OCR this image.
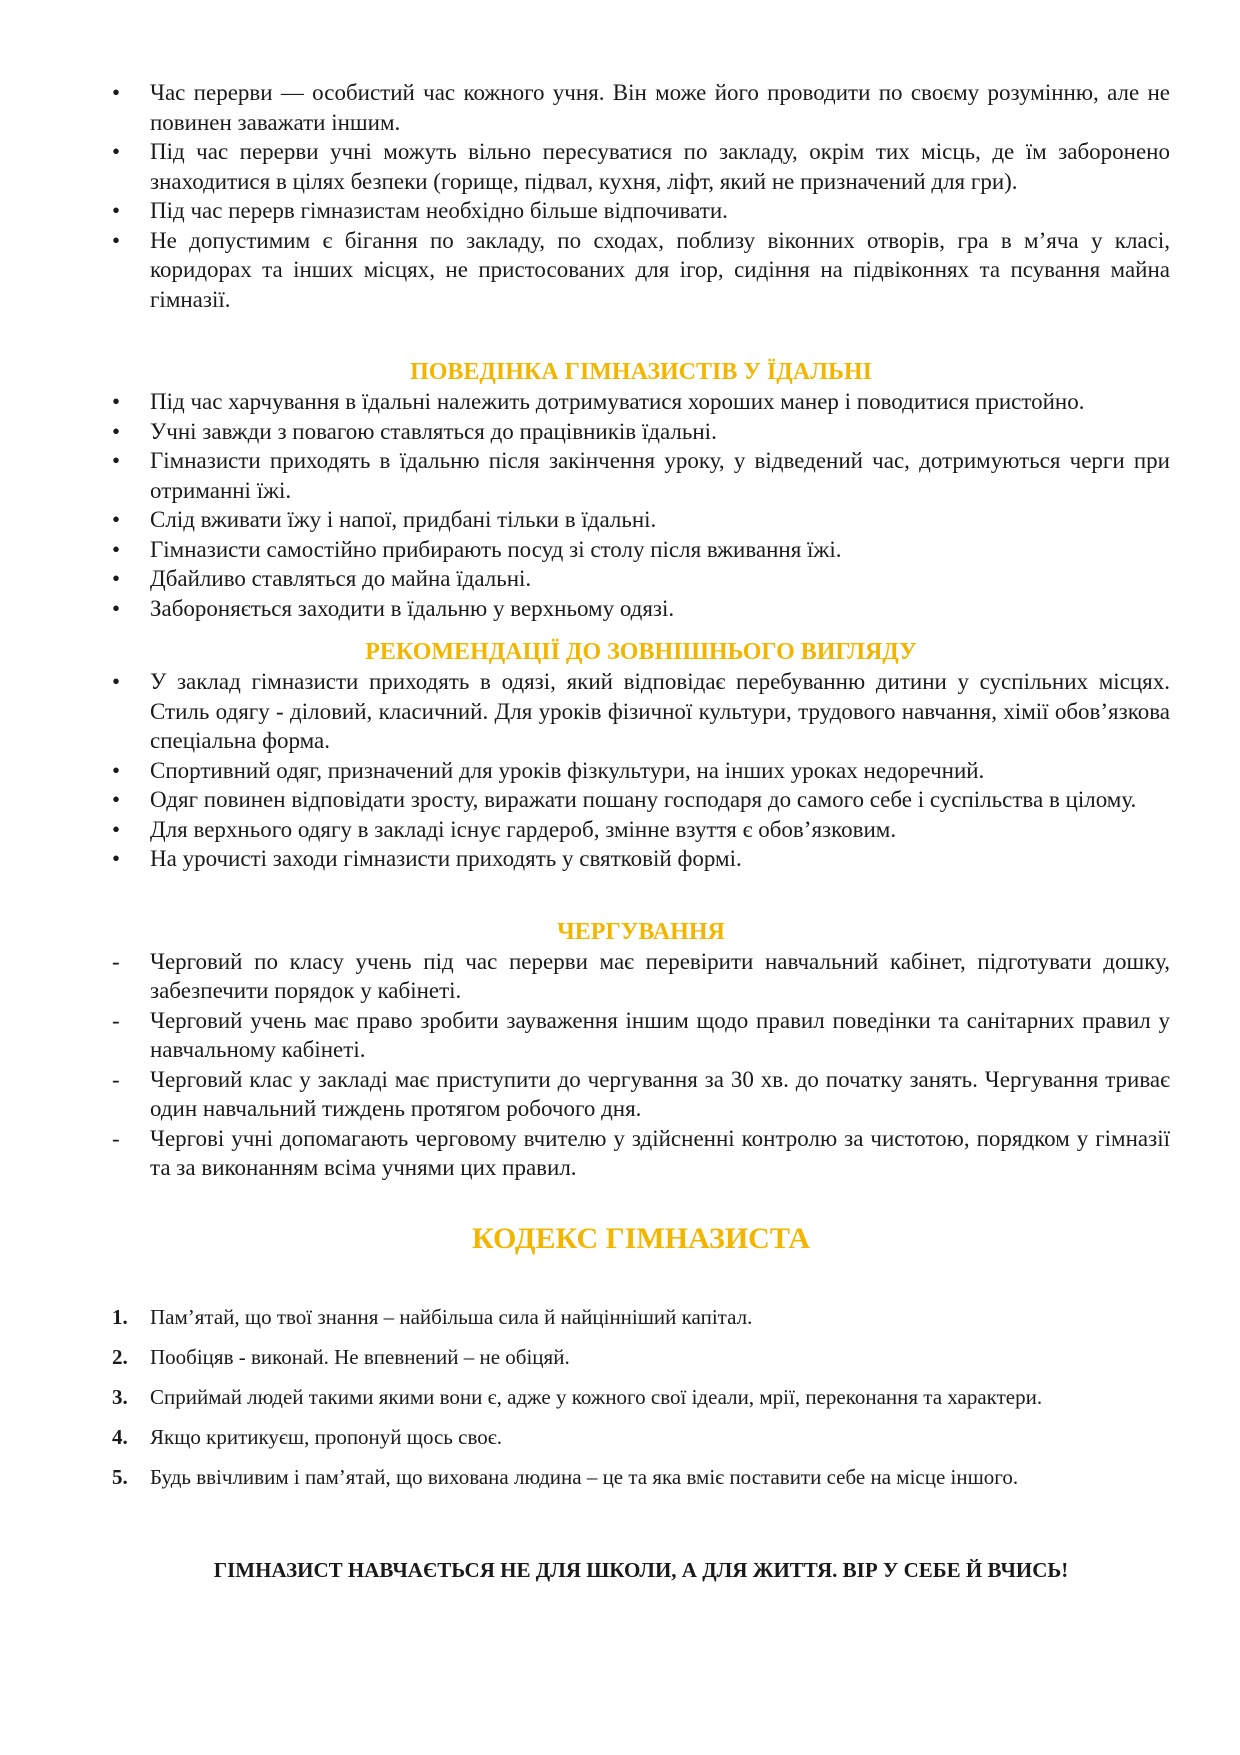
•	Час перерви — особистий час кожного учня. Він може його проводити по своєму розумінню, але не повинен заважати іншим.
•	Під час перерви учні можуть вільно пересуватися по закладу, окрім тих місць, де їм заборонено знаходитися в цілях безпеки (горище, підвал, кухня, ліфт, який не призначений для гри).
•	Під час перерв гімназистам необхідно більше відпочивати.
•	Не допустимим є бігання по закладу, по сходах, поблизу віконних отворів, гра в м’яча у класі, коридорах та інших місцях, не пристосованих для ігор, сидіння на підвіконнях та псування майна гімназії.
ПОВЕДІНКА ГІМНАЗИСТІВ У ЇДАЛЬНІ
•	Під час харчування в їдальні належить дотримуватися хороших манер і поводитися пристойно.
•	Учні завжди з повагою ставляться до працівників їдальні.
•	Гімназисти приходять в їдальню після закінчення уроку, у відведений час, дотримуються черги при отриманні їжі.
•	Слід вживати їжу і напої, придбані тільки в їдальні.
•	Гімназисти самостійно прибирають посуд зі столу після вживання їжі.
•	Дбайливо ставляться до майна їдальні.
•	Забороняється заходити в їдальню у верхньому одязі.
РЕКОМЕНДАЦІЇ ДО ЗОВНІШНЬОГО ВИГЛЯДУ
•	У заклад гімназисти приходять в одязі, який відповідає перебуванню дитини у суспільних місцях. Стиль одягу - діловий, класичний. Для уроків фізичної культури, трудового навчання, хімії обов’язкова спеціальна форма.
•	Спортивний одяг, призначений для уроків фізкультури, на інших уроках недоречний.
•	Одяг повинен відповідати зросту, виражати пошану господаря до самого себе і суспільства в цілому.
•	Для верхнього одягу в закладі існує гардероб, змінне взуття є обов’язковим.
•	На урочисті заходи гімназисти приходять у святковій формі.
ЧЕРГУВАННЯ
-	Черговий по класу учень під час перерви має перевірити навчальний кабінет, підготувати дошку, забезпечити порядок у кабінеті.
-	Черговий учень має право зробити зауваження іншим щодо правил поведінки та санітарних правил у навчальному кабінеті.
-	Черговий клас у закладі має приступити до чергування за 30 хв. до початку занять. Чергування триває один навчальний тиждень протягом робочого дня.
-	Чергові учні допомагають черговому вчителю у здійсненні контролю за чистотою, порядком у гімназії та за виконанням всіма учнями цих правил.
КОДЕКС ГІМНАЗИСТА
1. Пам’ятай, що твої знання – найбільша сила й найцінніший капітал.
2. Пообіцяв - виконай. Не впевнений – не обіцяй.
3. Сприймай людей такими якими вони є, адже у кожного свої ідеали, мрії, переконання та характери.
4. Якщо критикуєш, пропонуй щось своє.
5. Будь ввічливим і пам’ятай, що вихована людина – це та яка вміє поставити себе на місце іншого.

ГІМНАЗИСТ НАВЧАЄТЬСЯ НЕ ДЛЯ ШКОЛИ, А ДЛЯ ЖИТТЯ. ВІР У СЕБЕ Й ВЧИСЬ!
